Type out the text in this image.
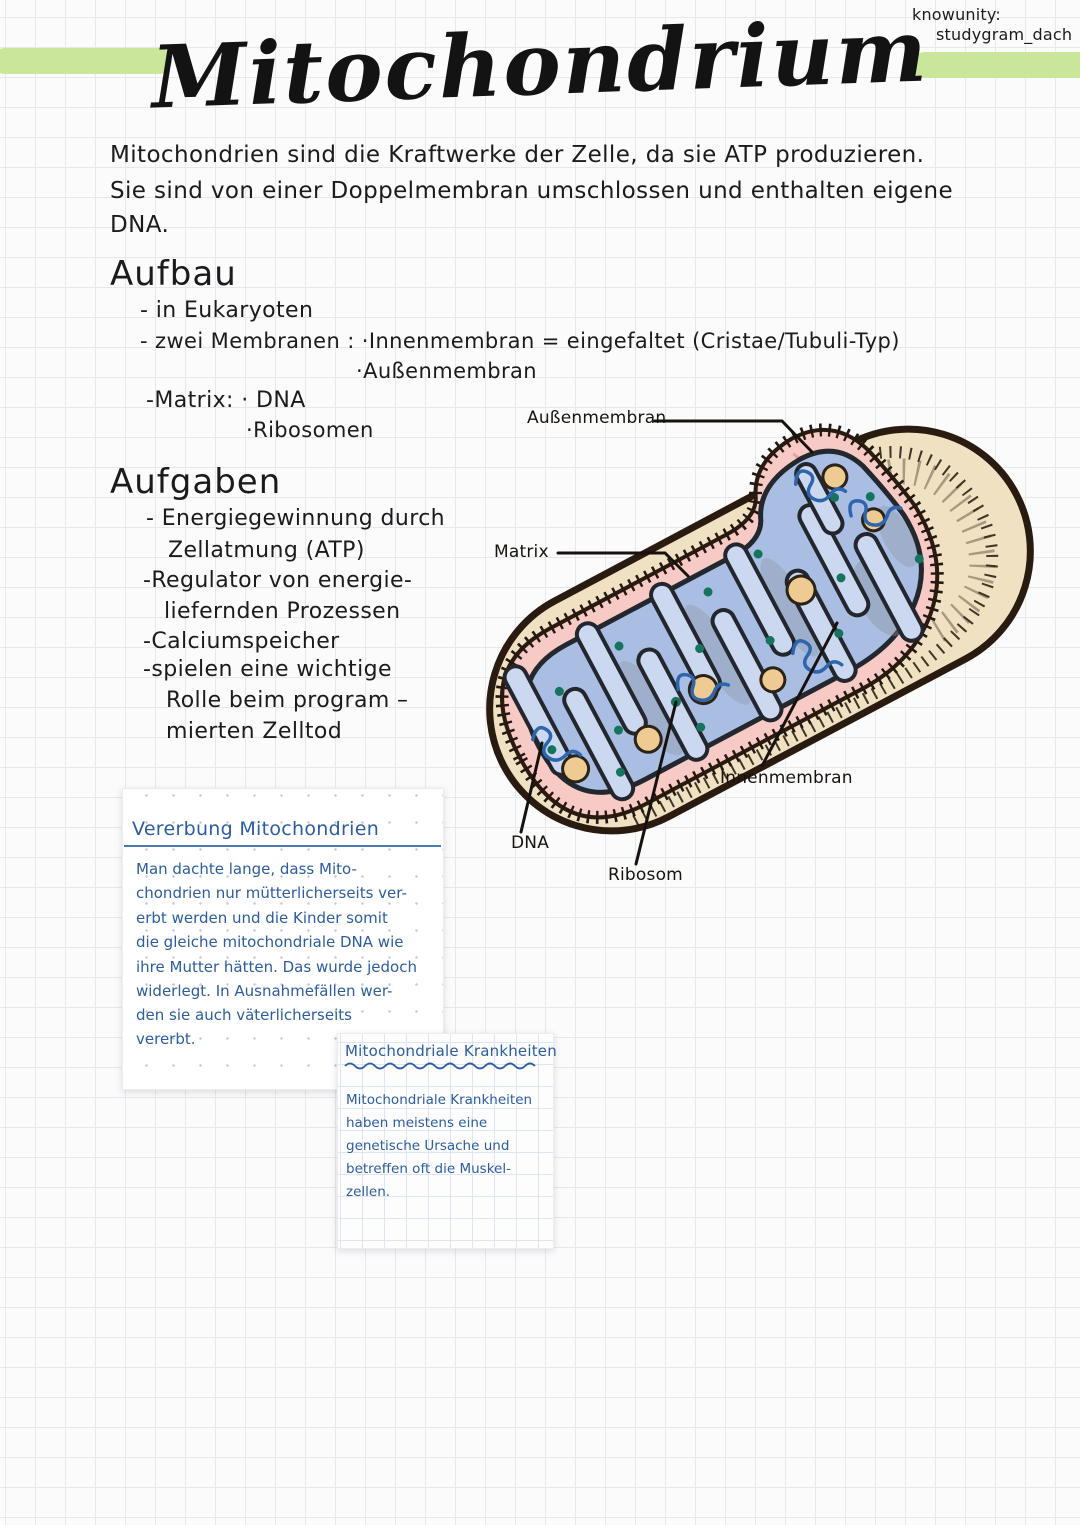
knowunity:
studygram_dach
Mitochondrium
Mitochondrien sind die Kraftwerke der Zelle, da sie ATP produzieren.
Sie sind von einer Doppelmembran umschlossen und enthalten eigene
DNA.
Aufbau
- in Eukaryoten
- zwei Membranen : ·Innenmembran = eingefaltet (Cristae/Tubuli-Typ)
·Außenmembran
-Matrix: · DNA
·Ribosomen
Aufgaben
- Energiegewinnung durch
Zellatmung (ATP)
-Regulator von energie-
liefernden Prozessen
-Calciumspeicher
-spielen eine wichtige
Rolle beim program –
mierten Zelltod
Außenmembran
Matrix
Innenmembran
DNA
Ribosom
Vererbung Mitochondrien
Man dachte lange, dass Mito-
chondrien nur mütterlicherseits ver-
erbt werden und die Kinder somit
die gleiche mitochondriale DNA wie
ihre Mutter hätten. Das wurde jedoch
widerlegt. In Ausnahmefällen wer-
den sie auch väterlicherseits
vererbt.
Mitochondriale Krankheiten
Mitochondriale Krankheiten
haben meistens eine
genetische Ursache und
betreffen oft die Muskel-
zellen.
